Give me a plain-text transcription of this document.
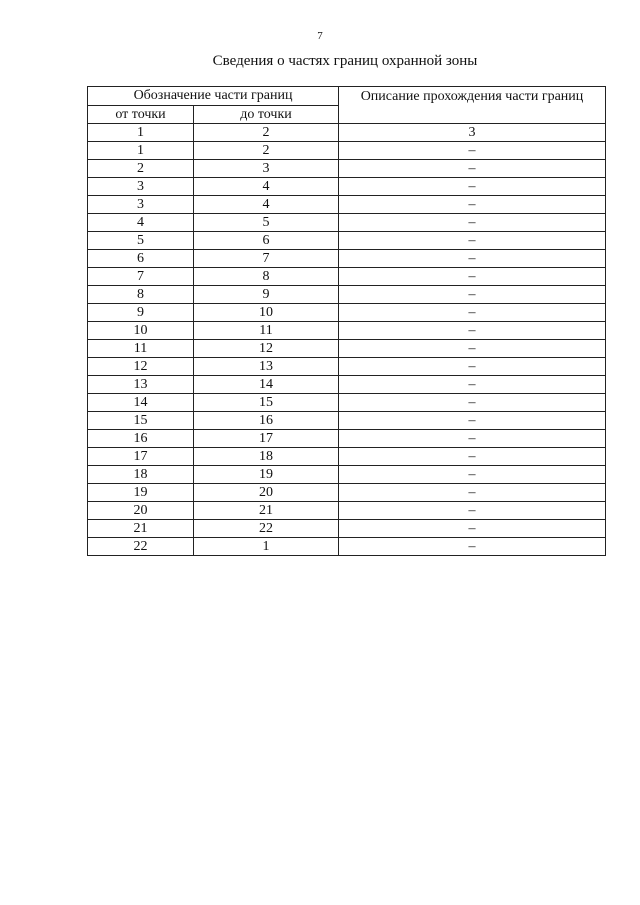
7
Сведения о частях границ охранной зоны
Обозначение части границ		Описание прохождения части границ
от точки	до точки	
1	2	3
1	2	–
2	3	–
3	4	–
3	4	–
4	5	–
5	6	–
6	7	–
7	8	–
8	9	–
9	10	–
10	11	–
11	12	–
12	13	–
13	14	–
14	15	–
15	16	–
16	17	–
17	18	–
18	19	–
19	20	–
20	21	–
21	22	–
22	1	–
